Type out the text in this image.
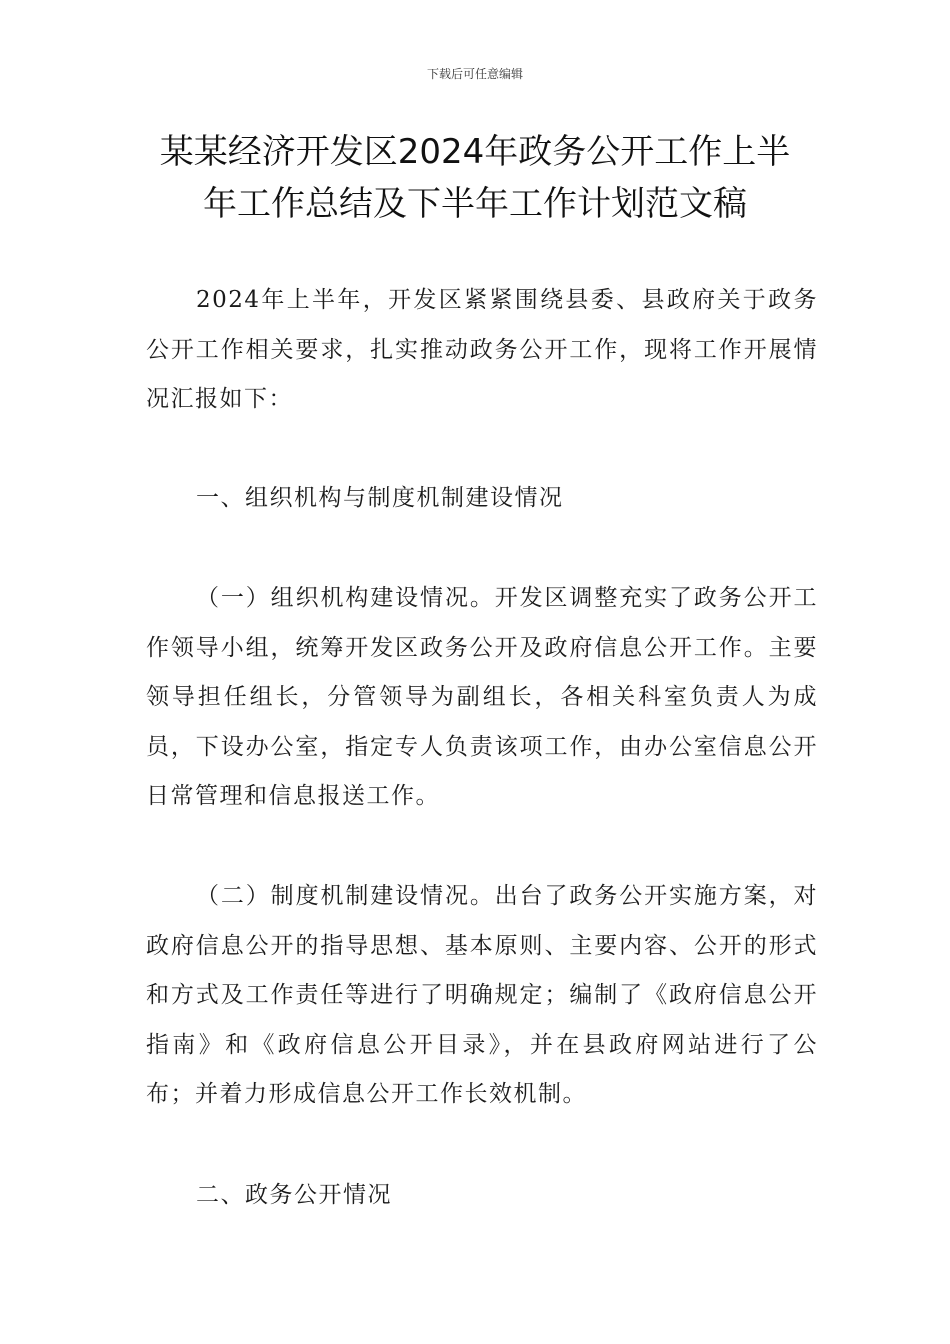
下载后可任意编辑
某某经济开发区2024年政务公开工作上半
年工作总结及下半年工作计划范文稿

2024年上半年，开发区紧紧围绕县委、县政府关于政务公开工作相关要求，扎实推动政务公开工作，现将工作开展情况汇报如下：

一、组织机构与制度机制建设情况

（一）组织机构建设情况。开发区调整充实了政务公开工作领导小组，统筹开发区政务公开及政府信息公开工作。主要领导担任组长，分管领导为副组长，各相关科室负责人为成员，下设办公室，指定专人负责该项工作，由办公室信息公开日常管理和信息报送工作。

（二）制度机制建设情况。出台了政务公开实施方案，对政府信息公开的指导思想、基本原则、主要内容、公开的形式和方式及工作责任等进行了明确规定；编制了《政府信息公开指南》和《政府信息公开目录》，并在县政府网站进行了公布；并着力形成信息公开工作长效机制。

二、政务公开情况
